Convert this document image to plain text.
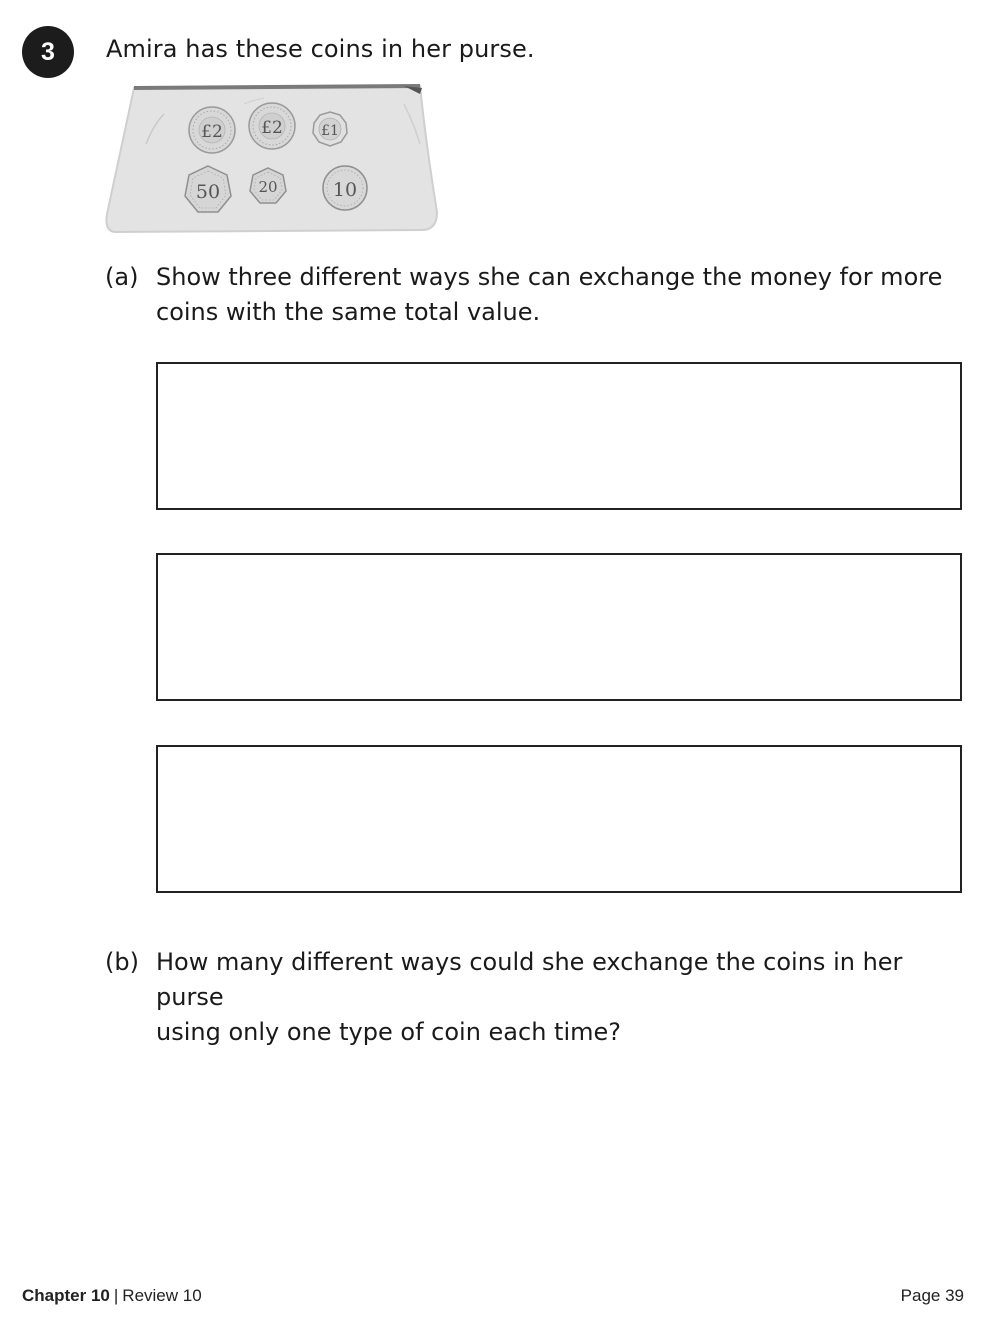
3 Amira has these coins in her purse.
£2 £2	£1
50	20	10
(a) Show three different ways she can exchange the money for more
coins with the same total value.
(b) How many different ways could she exchange the coins in her purse
using only one type of coin each time?
Chapter 10 | Review 10	Page 39
